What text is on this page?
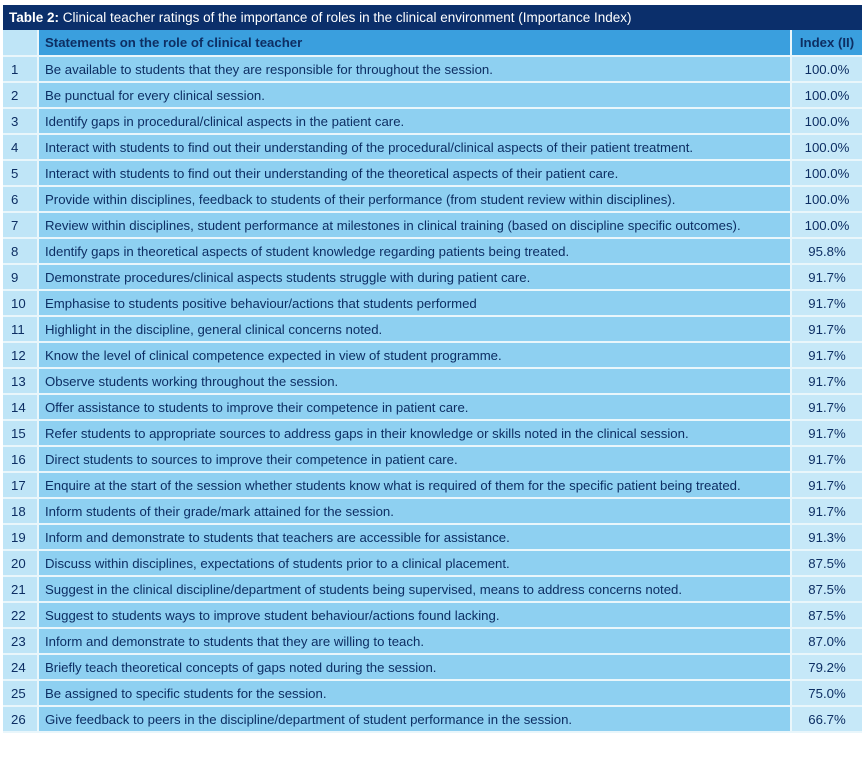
Table 2: Clinical teacher ratings of the importance of roles in the clinical environment (Importance Index)
	Statements on the role of clinical teacher	Index (II)
1	Be available to students that they are responsible for throughout the session.	100.0%
2	Be punctual for every clinical session.	100.0%
3	Identify gaps in procedural/clinical aspects in the patient care.	100.0%
4	Interact with students to find out their understanding of the procedural/clinical aspects of their patient treatment.	100.0%
5	Interact with students to find out their understanding of the theoretical aspects of their patient care.	100.0%
6	Provide within disciplines, feedback to students of their performance (from student review within disciplines).	100.0%
7	Review within disciplines, student performance at milestones in clinical training (based on discipline specific outcomes).	100.0%
8	Identify gaps in theoretical aspects of student knowledge regarding patients being treated.	95.8%
9	Demonstrate procedures/clinical aspects students struggle with during patient care.	91.7%
10	Emphasise to students positive behaviour/actions that students performed	91.7%
11	Highlight in the discipline, general clinical concerns noted.	91.7%
12	Know the level of clinical competence expected in view of student programme.	91.7%
13	Observe students working throughout the session.	91.7%
14	Offer assistance to students to improve their competence in patient care.	91.7%
15	Refer students to appropriate sources to address gaps in their knowledge or skills noted in the clinical session.	91.7%
16	Direct students to sources to improve their competence in patient care.	91.7%
17	Enquire at the start of the session whether students know what is required of them for the specific patient being treated.	91.7%
18	Inform students of their grade/mark attained for the session.	91.7%
19	Inform and demonstrate to students that teachers are accessible for assistance.	91.3%
20	Discuss within disciplines, expectations of students prior to a clinical placement.	87.5%
21	Suggest in the clinical discipline/department of students being supervised, means to address concerns noted.	87.5%
22	Suggest to students ways to improve student behaviour/actions found lacking.	87.5%
23	Inform and demonstrate to students that they are willing to teach.	87.0%
24	Briefly teach theoretical concepts of gaps noted during the session.	79.2%
25	Be assigned to specific students for the session.	75.0%
26	Give feedback to peers in the discipline/department of student performance in the session.	66.7%
